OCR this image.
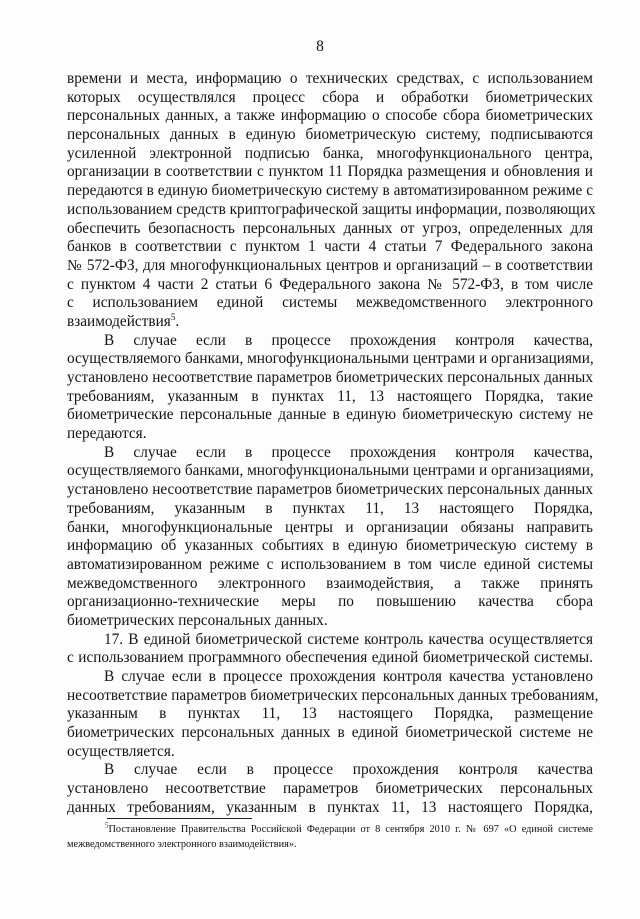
8
времени и места, информацию о технических средствах, с использованием
которых осуществлялся процесс сбора и обработки биометрических
персональных данных, а также информацию о способе сбора биометрических
персональных данных в единую биометрическую систему, подписываются
усиленной электронной подписью банка, многофункционального центра,
организации в соответствии с пунктом 11 Порядка размещения и обновления и
передаются в единую биометрическую систему в автоматизированном режиме с
использованием средств криптографической защиты информации, позволяющих
обеспечить безопасность персональных данных от угроз, определенных для
банков в соответствии с пунктом 1 части 4 статьи 7 Федерального закона
№ 572-ФЗ, для многофункциональных центров и организаций – в соответствии
с пунктом 4 части 2 статьи 6 Федерального закона № 572-ФЗ, в том числе
с использованием единой системы межведомственного электронного
взаимодействия$^5$.
В случае если в процессе прохождения контроля качества,
осуществляемого банками, многофункциональными центрами и организациями,
установлено несоответствие параметров биометрических персональных данных
требованиям, указанным в пунктах 11, 13 настоящего Порядка, такие
биометрические персональные данные в единую биометрическую систему не
передаются.
В случае если в процессе прохождения контроля качества,
осуществляемого банками, многофункциональными центрами и организациями,
установлено несоответствие параметров биометрических персональных данных
требованиям, указанным в пунктах 11, 13 настоящего Порядка,
банки, многофункциональные центры и организации обязаны направить
информацию об указанных событиях в единую биометрическую систему в
автоматизированном режиме с использованием в том числе единой системы
межведомственного электронного взаимодействия, а также принять
организационно-технические меры по повышению качества сбора
биометрических персональных данных.
17. В единой биометрической системе контроль качества осуществляется
с использованием программного обеспечения единой биометрической системы.
В случае если в процессе прохождения контроля качества установлено
несоответствие параметров биометрических персональных данных требованиям,
указанным в пунктах 11, 13 настоящего Порядка, размещение
биометрических персональных данных в единой биометрической системе не
осуществляется.
В случае если в процессе прохождения контроля качества
установлено несоответствие параметров биометрических персональных
данных требованиям, указанным в пунктах 11, 13 настоящего Порядка,
$^5$Постановление Правительства Российской Федерации от 8 сентября 2010 г. № 697 «О единой системе
межведомственного электронного взаимодействия».
